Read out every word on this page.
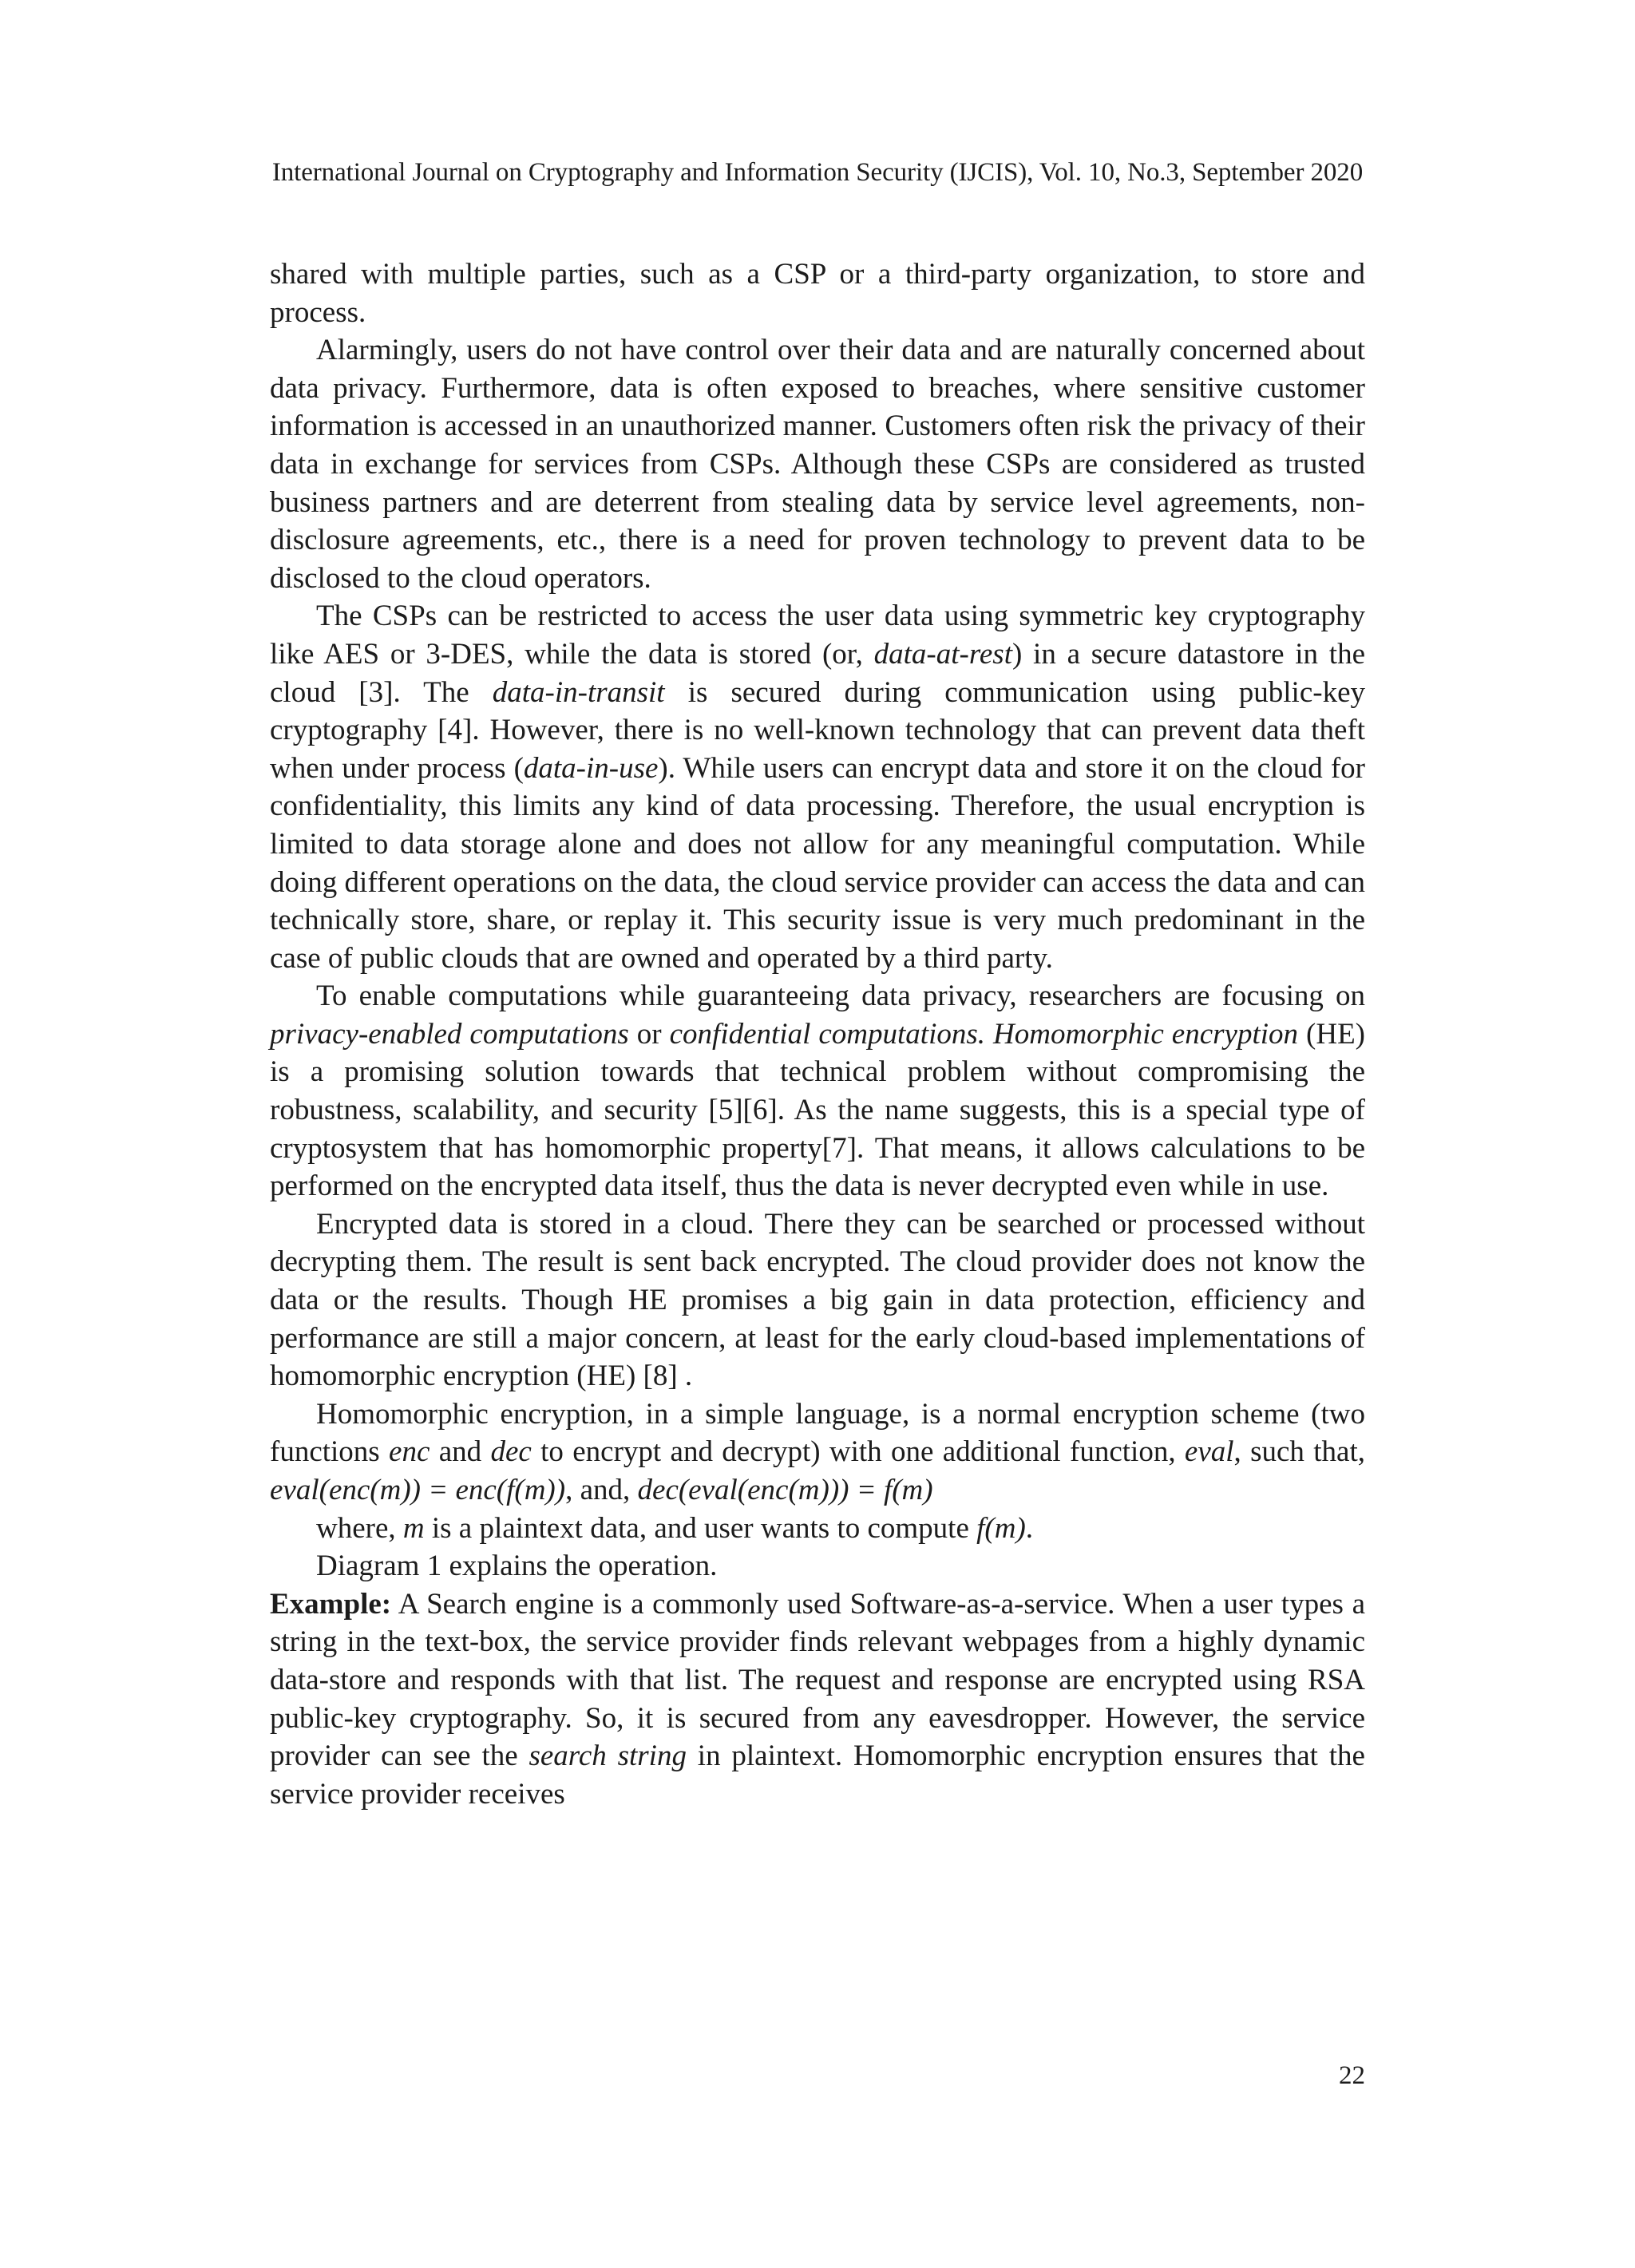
International Journal on Cryptography and Information Security (IJCIS), Vol. 10, No.3, September 2020

shared with multiple parties, such as a CSP or a third-party organization, to store and process.

Alarmingly, users do not have control over their data and are naturally concerned about data privacy. Furthermore, data is often exposed to breaches, where sensitive customer information is accessed in an unauthorized manner. Customers often risk the privacy of their data in exchange for services from CSPs. Although these CSPs are considered as trusted business partners and are deterrent from stealing data by service level agreements, non-disclosure agreements, etc., there is a need for proven technology to prevent data to be disclosed to the cloud operators.

The CSPs can be restricted to access the user data using symmetric key cryptography like AES or 3-DES, while the data is stored (or, data-at-rest) in a secure datastore in the cloud [3]. The data-in-transit is secured during communication using public-key cryptography [4]. However, there is no well-known technology that can prevent data theft when under process (data-in-use). While users can encrypt data and store it on the cloud for confidentiality, this limits any kind of data processing. Therefore, the usual encryption is limited to data storage alone and does not allow for any meaningful computation. While doing different operations on the data, the cloud service provider can access the data and can technically store, share, or replay it. This security issue is very much predominant in the case of public clouds that are owned and operated by a third party.

To enable computations while guaranteeing data privacy, researchers are focusing on privacy-enabled computations or confidential computations. Homomorphic encryption (HE) is a promising solution towards that technical problem without compromising the robustness, scalability, and security [5][6]. As the name suggests, this is a special type of cryptosystem that has homomorphic property[7]. That means, it allows calculations to be performed on the encrypted data itself, thus the data is never decrypted even while in use.

Encrypted data is stored in a cloud. There they can be searched or processed without decrypting them. The result is sent back encrypted. The cloud provider does not know the data or the results. Though HE promises a big gain in data protection, efficiency and performance are still a major concern, at least for the early cloud-based implementations of homomorphic encryption (HE) [8] .

Homomorphic encryption, in a simple language, is a normal encryption scheme (two functions enc and dec to encrypt and decrypt) with one additional function, eval, such that, eval(enc(m)) = enc(f(m)), and, dec(eval(enc(m))) = f(m)

where, m is a plaintext data, and user wants to compute f(m).

Diagram 1 explains the operation.

Example: A Search engine is a commonly used Software-as-a-service. When a user types a string in the text-box, the service provider finds relevant webpages from a highly dynamic data-store and responds with that list. The request and response are encrypted using RSA public-key cryptography. So, it is secured from any eavesdropper. However, the service provider can see the search string in plaintext. Homomorphic encryption ensures that the service provider receives

22
